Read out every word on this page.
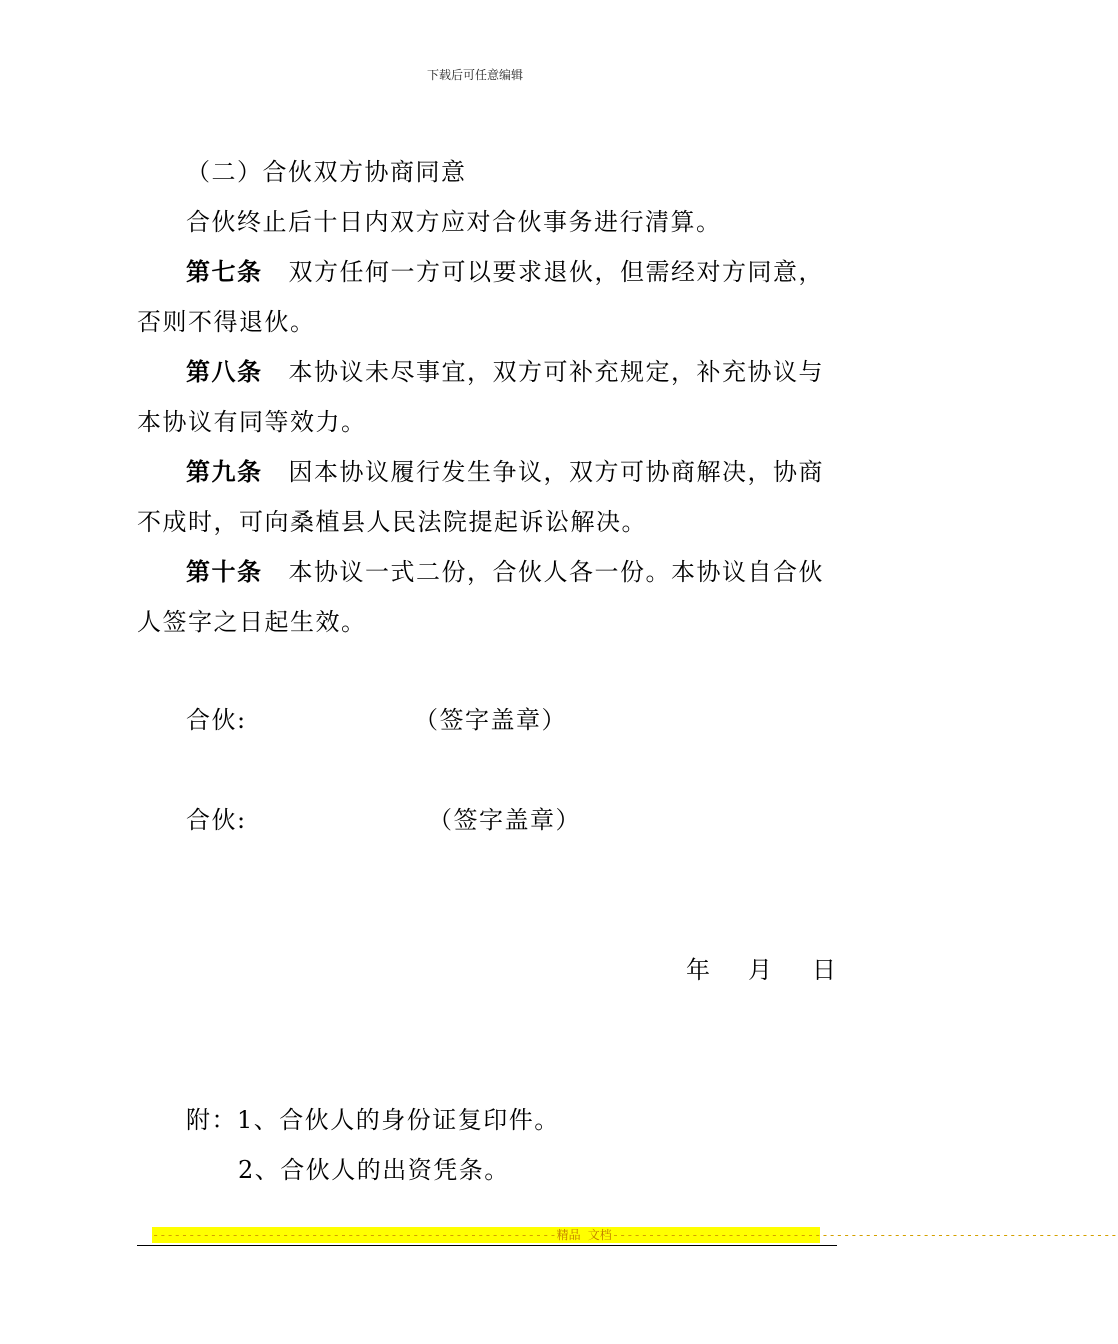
下载后可任意编辑
（二）合伙双方协商同意
合伙终止后十日内双方应对合伙事务进行清算。
第七条 双方任何一方可以要求退伙，但需经对方同意，
否则不得退伙。
第八条 本协议未尽事宜，双方可补充规定，补充协议与
本协议有同等效力。
第九条 因本协议履行发生争议，双方可协商解决，协商
不成时，可向桑植县人民法院提起诉讼解决。
第十条 本协议一式二份，合伙人各一份。本协议自合伙
人签字之日起生效。
合伙:	（签字盖章）
合伙:	（签字盖章）
年 月 日
附：1、合伙人的身份证复印件。
2、合伙人的出资凭条。
--------------------------------------------------------精品 文档----------------------------------------------------------------------
